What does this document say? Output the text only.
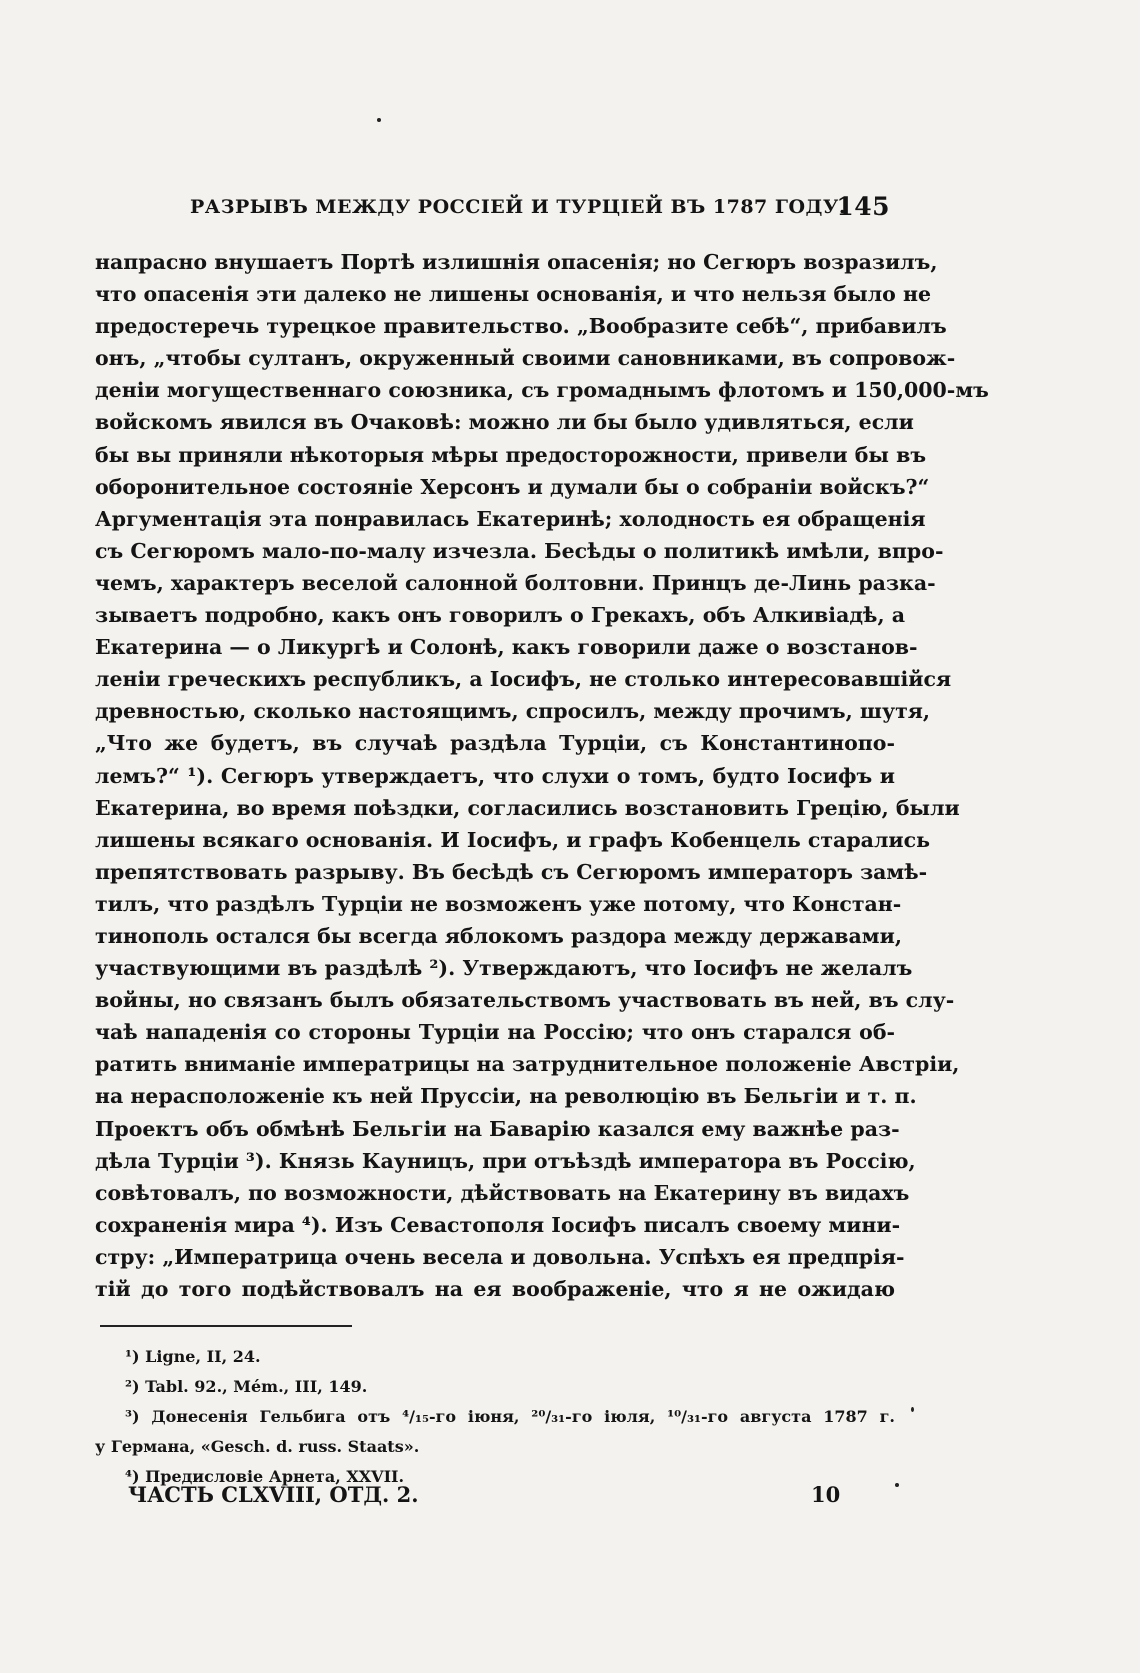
РАЗРЫВЪ МЕЖДУ РОССІЕЙ И ТУРЦІЕЙ ВЪ 1787 ГОДУ.
145
напрасно внушаетъ Портѣ излишнія опасенія; но Сегюръ возразилъ,
что опасенія эти далеко не лишены основанія, и что нельзя было не
предостеречь турецкое правительство. „Вообразите себѣ“, прибавилъ
онъ, „чтобы султанъ, окруженный своими сановниками, въ сопровож-
деніи могущественнаго союзника, съ громаднымъ флотомъ и 150,000-мъ
войскомъ явился въ Очаковѣ: можно ли бы было удивляться, если
бы вы приняли нѣкоторыя мѣры предосторожности, привели бы въ
оборонительное состояніе Херсонъ и думали бы о собраніи войскъ?“
Аргументація эта понравилась Екатеринѣ; холодность ея обращенія
съ Сегюромъ мало-по-малу изчезла. Бесѣды о политикѣ имѣли, впро-
чемъ, характеръ веселой салонной болтовни. Принцъ де-Линь разка-
зываетъ подробно, какъ онъ говорилъ о Грекахъ, объ Алкивіадѣ, а
Екатерина — о Ликургѣ и Солонѣ, какъ говорили даже о возстанов-
леніи греческихъ республикъ, а Іосифъ, не столько интересовавшійся
древностью, сколько настоящимъ, спросилъ, между прочимъ, шутя,
„Что же будетъ, въ случаѣ раздѣла Турціи, съ Константинопо-
лемъ?“ ¹). Сегюръ утверждаетъ, что слухи о томъ, будто Іосифъ и
Екатерина, во время поѣздки, согласились возстановить Грецію, были
лишены всякаго основанія. И Іосифъ, и графъ Кобенцель старались
препятствовать разрыву. Въ бесѣдѣ съ Сегюромъ императоръ замѣ-
тилъ, что раздѣлъ Турціи не возможенъ уже потому, что Констан-
тинополь остался бы всегда яблокомъ раздора между державами,
участвующими въ раздѣлѣ ²). Утверждаютъ, что Іосифъ не желалъ
войны, но связанъ былъ обязательствомъ участвовать въ ней, въ слу-
чаѣ нападенія со стороны Турціи на Россію; что онъ старался об-
ратить вниманіе императрицы на затруднительное положеніе Австріи,
на нерасположеніе къ ней Пруссіи, на революцію въ Бельгіи и т. п.
Проектъ объ обмѣнѣ Бельгіи на Баварію казался ему важнѣе раз-
дѣла Турціи ³). Князь Кауницъ, при отъѣздѣ императора въ Россію,
совѣтовалъ, по возможности, дѣйствовать на Екатерину въ видахъ
сохраненія мира ⁴). Изъ Севастополя Іосифъ писалъ своему мини-
стру: „Императрица очень весела и довольна. Успѣхъ ея предпрія-
тій до того подѣйствовалъ на ея воображеніе, что я не ожидаю
¹) Ligne, II, 24.
²) Tabl. 92., Mém., III, 149.
³) Донесенія Гельбига отъ ⁴/₁₅-го іюня, ²⁰/₃₁-го іюля, ¹⁰/₃₁-го августа 1787 г.
у Германа, «Gesch. d. russ. Staats».
⁴) Предисловіе Арнета, XXVII.
ЧАСТЬ CLXVIII, ОТД. 2.	10
